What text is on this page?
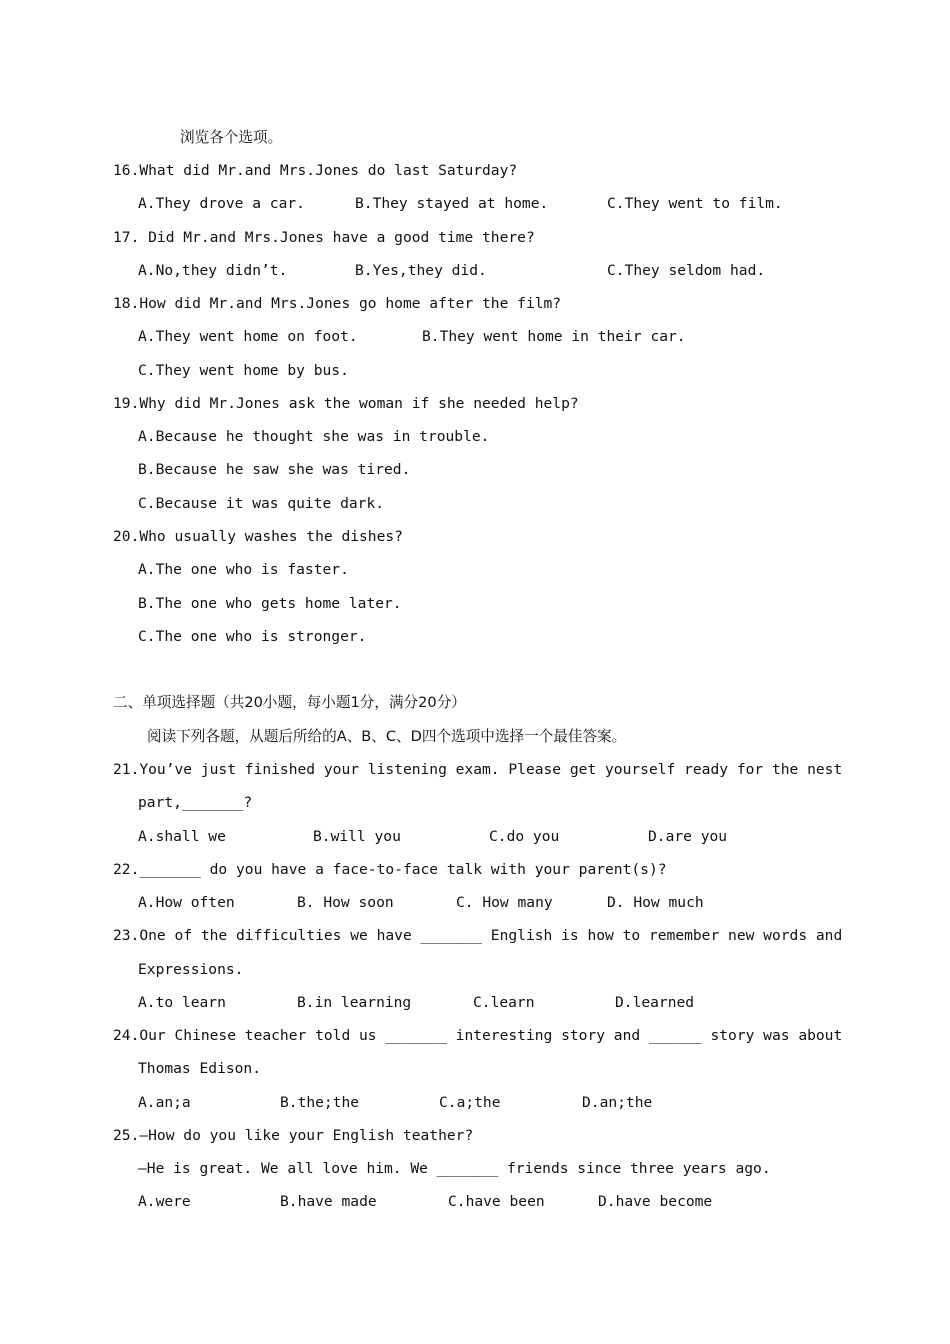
浏览各个选项。
16.What did Mr.and Mrs.Jones do last Saturday?
A.They drove a car.	B.They stayed at home.	C.They went to film.
17. Did Mr.and Mrs.Jones have a good time there?
A.No,they didn’t.	B.Yes,they did.	C.They seldom had.
18.How did Mr.and Mrs.Jones go home after the film?
A.They went home on foot.	B.They went home in their car.
C.They went home by bus.
19.Why did Mr.Jones ask the woman if she needed help?
A.Because he thought she was in trouble.
B.Because he saw she was tired.
C.Because it was quite dark.
20.Who usually washes the dishes?
A.The one who is faster.
B.The one who gets home later.
C.The one who is stronger.
二、单项选择题（共20小题，每小题1分，满分20分）
阅读下列各题，从题后所给的A、B、C、D四个选项中选择一个最佳答案。
21.You’ve just finished your listening exam. Please get yourself ready for the nest
part,_______?
A.shall we	B.will you	C.do you	D.are you
22._______ do you have a face-to-face talk with your parent(s)?
A.How often	B. How soon	C. How many	D. How much
23.One of the difficulties we have _______ English is how to remember new words and
Expressions.
A.to learn	B.in learning	C.learn	D.learned
24.Our Chinese teacher told us _______ interesting story and ______ story was about
Thomas Edison.
A.an;a	B.the;the	C.a;the	D.an;the
25.—How do you like your English teather?
—He is great. We all love him. We _______ friends since three years ago.
A.were	B.have made	C.have been	D.have become
